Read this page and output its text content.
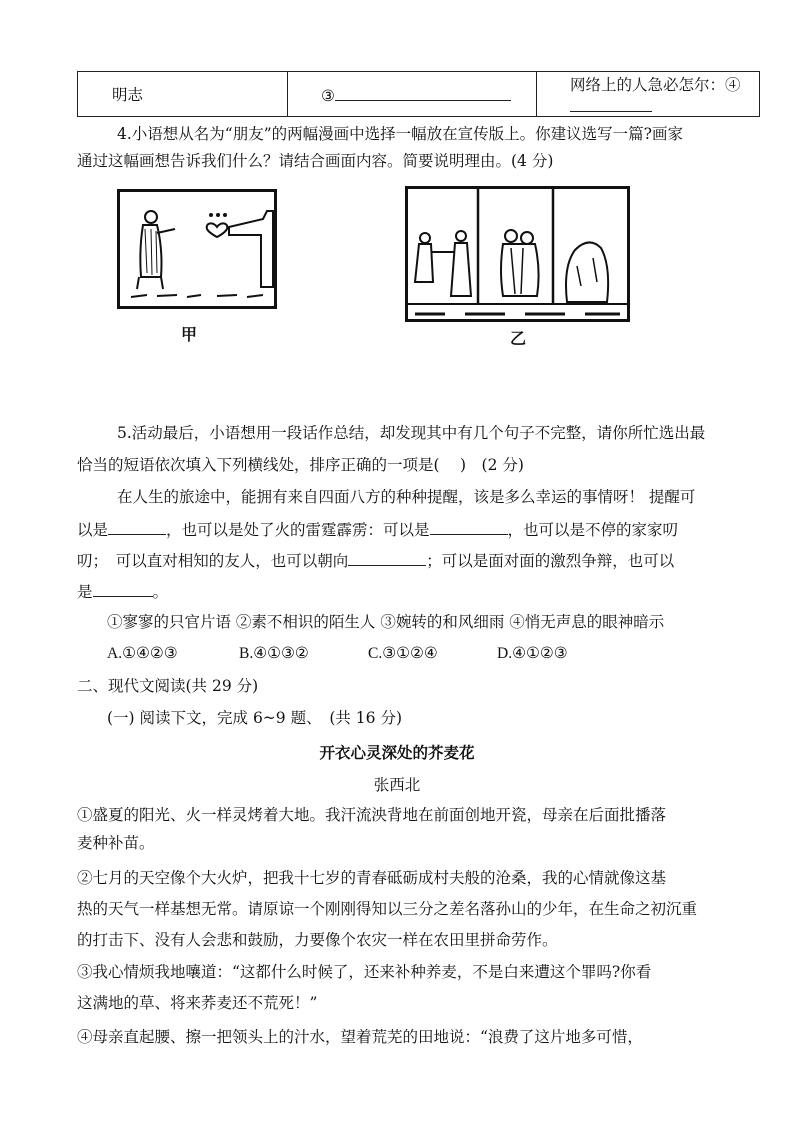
明志	③	网络上的人急必怎尔：④
4.小语想从名为“朋友”的两幅漫画中选择一幅放在宣传版上。你建议选写一篇?画家
通过这幅画想告诉我们什么？请结合画面内容。简要说明理由。(4 分)
甲	乙
5.活动最后，小语想用一段话作总结，却发现其中有几个句子不完整，请你所忙选出最
恰当的短语依次填入下列横线处，排序正确的一项是(　 )　(2 分)
在人生的旅途中，能拥有来自四面八方的种种提醒，该是多么幸运的事情呀！ 提醒可
以是	，也可以是处了火的雷霆霹雳：可以是	，也可以是不停的家家叨
叨；　可以直对相知的友人，也可以朝向	；可以是面对面的激烈争辩，也可以
是	。
①寥寥的只官片语 ②素不相识的陌生人 ③婉转的和风细雨 ④悄无声息的眼神暗示
A.①④②③	B.④①③②	C.③①②④	D.④①②③
二、现代文阅读(共 29 分)
(一) 阅读下文，完成 6~9 题、　(共 16 分)
开衣心灵深处的芥麦花
张西北
①盛夏的阳光、火一样灵烤着大地。我汗流泱背地在前面创地开瓷，母亲在后面批播落
麦种补苗。
②七月的天空像个大火炉，把我十七岁的青春砥砺成村夫般的沧桑，我的心情就像这基
热的天气一样基想无常。请原谅一个刚刚得知以三分之差名落孙山的少年，在生命之初沉重
的打击下、没有人会悲和鼓励，力要像个农灾一样在农田里拼命劳作。
③我心情烦我地嚷道：“这都什么时候了，还来补种养麦，不是白来遭这个罪吗?你看
这满地的草、将来荞麦还不荒死！”
④母亲直起腰、擦一把领头上的汁水，望着荒芜的田地说：“浪费了这片地多可惜，
